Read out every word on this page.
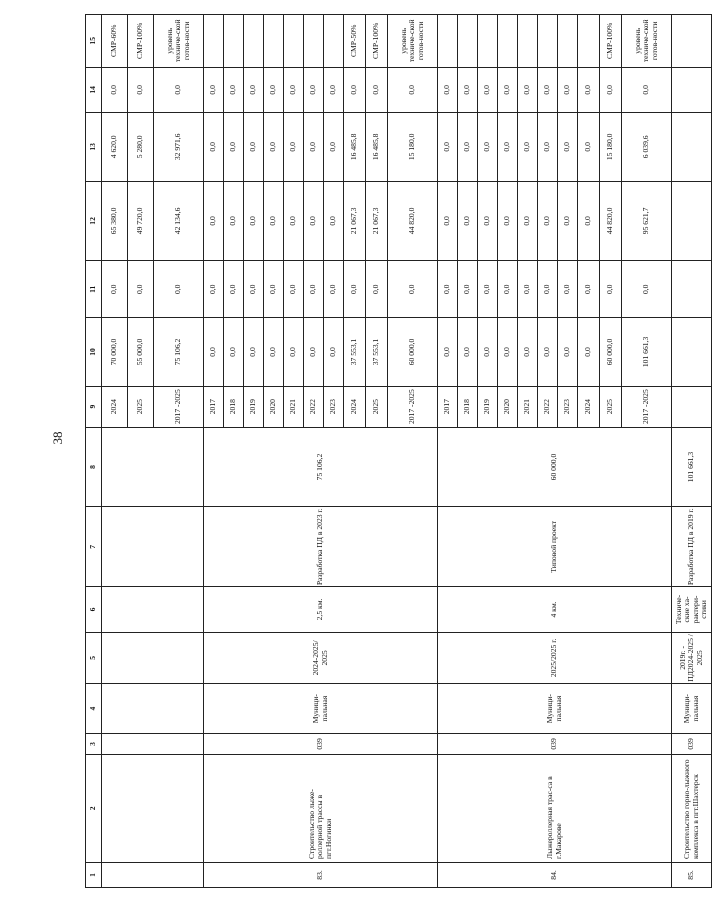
38
1	2	3	4	5	6	7	8	9	10	11	12	13	14	15
								2024	70 000,0	0,0	65 380,0	4 620,0	0,0	СМР-60%
								2025	55 000,0	0,0	49 720,0	5 280,0	0,0	СМР-100%
								2017 -2025	75 106,2	0,0	42 134,6	32 971,6	0,0	уровень техниче-ской готов-ности
83.	Строительство лыже-роллерной трассы в пгт.Ногинки	039	Муници-пальная	2024-2025/ 2025	2,5 км.	Разработка ПД в 2023 г.	75 106,2	2017	0,0	0,0	0,0	0,0	0,0	
								2018	0,0	0,0	0,0	0,0	0,0	
								2019	0,0	0,0	0,0	0,0	0,0	
								2020	0,0	0,0	0,0	0,0	0,0	
								2021	0,0	0,0	0,0	0,0	0,0	
								2022	0,0	0,0	0,0	0,0	0,0	
								2023	0,0	0,0	0,0	0,0	0,0	
								2024	37 553,1	0,0	21 067,3	16 485,8	0,0	СМР-50%
								2025	37 553,1	0,0	21 067,3	16 485,8	0,0	СМР-100%
								2017 -2025	60 000,0	0,0	44 820,0	15 180,0	0,0	уровень техниче-ской готов-ности
84.	Лыжероллерная трас-са в г.Макарове	039	Муници-пальная	2025/2025 г.	4 км.	Типовой проект	60 000,0	2017	0,0	0,0	0,0	0,0	0,0	
								2018	0,0	0,0	0,0	0,0	0,0	
								2019	0,0	0,0	0,0	0,0	0,0	
								2020	0,0	0,0	0,0	0,0	0,0	
								2021	0,0	0,0	0,0	0,0	0,0	
								2022	0,0	0,0	0,0	0,0	0,0	
								2023	0,0	0,0	0,0	0,0	0,0	
								2024	0,0	0,0	0,0	0,0	0,0	
								2025	60 000,0	0,0	44 820,0	15 180,0	0,0	СМР-100%
								2017 -2025	101 661,3	0,0	95 621,7	6 039,6	0,0	уровень техниче-ской готов-ности
85.	Строительство горно-лыжного комплекса в пгт.Шахтерск	039	Муници-пальная	2019г. - ПД2024-2025 / 2025	Техниче-ские ха-рактери-стики	Разработка ПД в 2019 г.	101 661,3							
